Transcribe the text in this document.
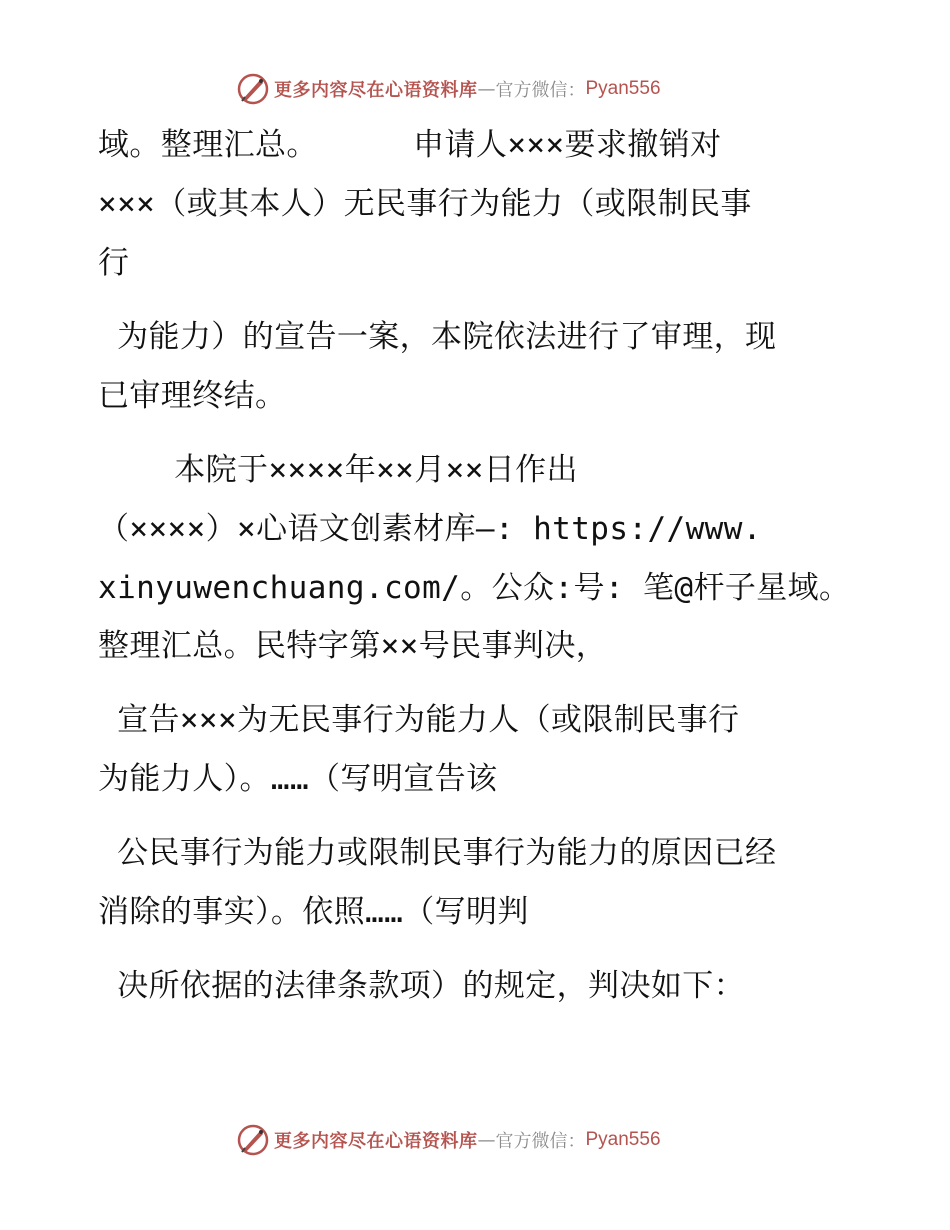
更多内容尽在心语资料库 — 官方微信： Pyan556
域。整理汇总。     申请人×××要求撤销对
×××（或其本人）无民事行为能力（或限制民事
行
为能力）的宣告一案，本院依法进行了审理，现
已审理终结。
本院于××××年××月××日作出
（××××）×心语文创素材库—: https://www.
xinyuwenchuang.com/。公众:号: 笔@杆子星域。
整理汇总。民特字第××号民事判决，
宣告×××为无民事行为能力人（或限制民事行
为能力人）。……（写明宣告该
公民事行为能力或限制民事行为能力的原因已经
消除的事实）。依照……（写明判
决所依据的法律条款项）的规定，判决如下：
更多内容尽在心语资料库 — 官方微信： Pyan556
